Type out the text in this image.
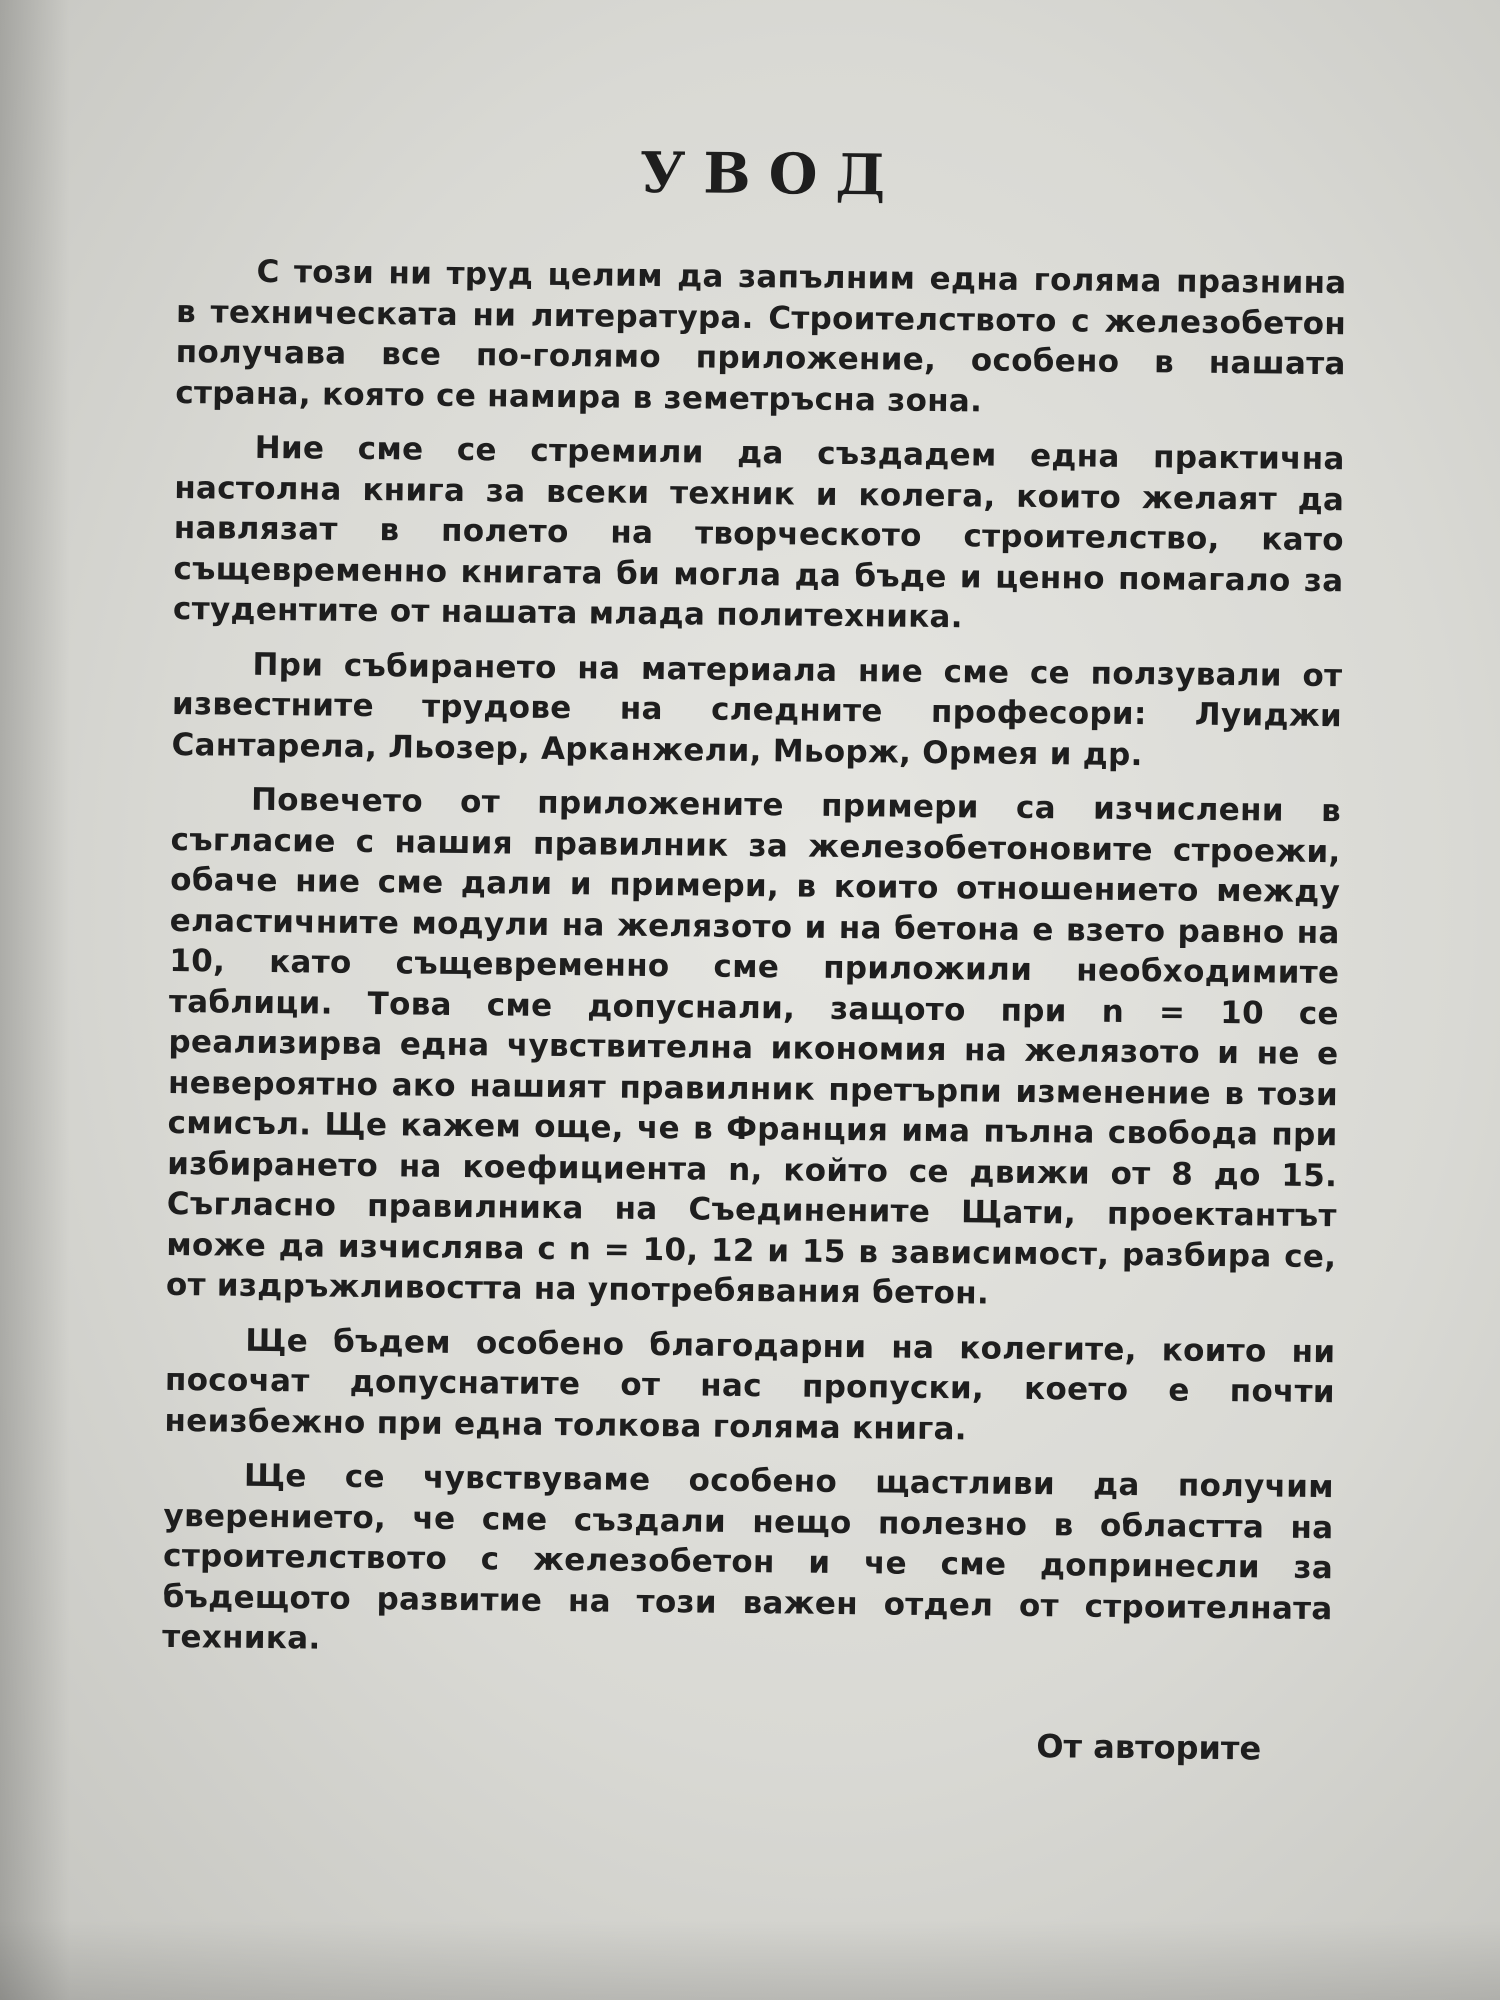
УВОД

С този ни труд целим да запълним една голяма празнина в техническата ни литература. Строителството с железобетон получава все по-голямо приложение, особено в нашата страна, която се намира в земетръсна зона.

Ние сме се стремили да създадем една практична настолна книга за всеки техник и колега, които желаят да навлязат в полето на творческото строителство, като същевременно книгата би могла да бъде и ценно помагало за студентите от нашата млада политехника.

При събирането на материала ние сме се ползували от известните трудове на следните професори: Луиджи Сантарела, Льозер, Арканжели, Мьорж, Ормея и др.

Повечето от приложените примери са изчислени в съгласие с нашия правилник за железобетоновите строежи, обаче ние сме дали и примери, в които отношението между еластичните модули на желязото и на бетона е взето равно на 10, като същевременно сме приложили необходимите таблици. Това сме допуснали, защото при n = 10 се реализирва една чувствителна икономия на желязото и не е невероятно ако нашият правилник претърпи изменение в този смисъл. Ще кажем още, че в Франция има пълна свобода при избирането на коефициента n, който се движи от 8 до 15. Съгласно правилника на Съединените Щати, проектантът може да изчислява с n = 10, 12 и 15 в зависимост, разбира се, от издръжливостта на употребявания бетон.

Ще бъдем особено благодарни на колегите, които ни посочат допуснатите от нас пропуски, което е почти неизбежно при една толкова голяма книга.

Ще се чувствуваме особено щастливи да получим уверението, че сме създали нещо полезно в областта на строителството с железобетон и че сме допринесли за бъдещото развитие на този важен отдел от строителната техника.

От авторите
